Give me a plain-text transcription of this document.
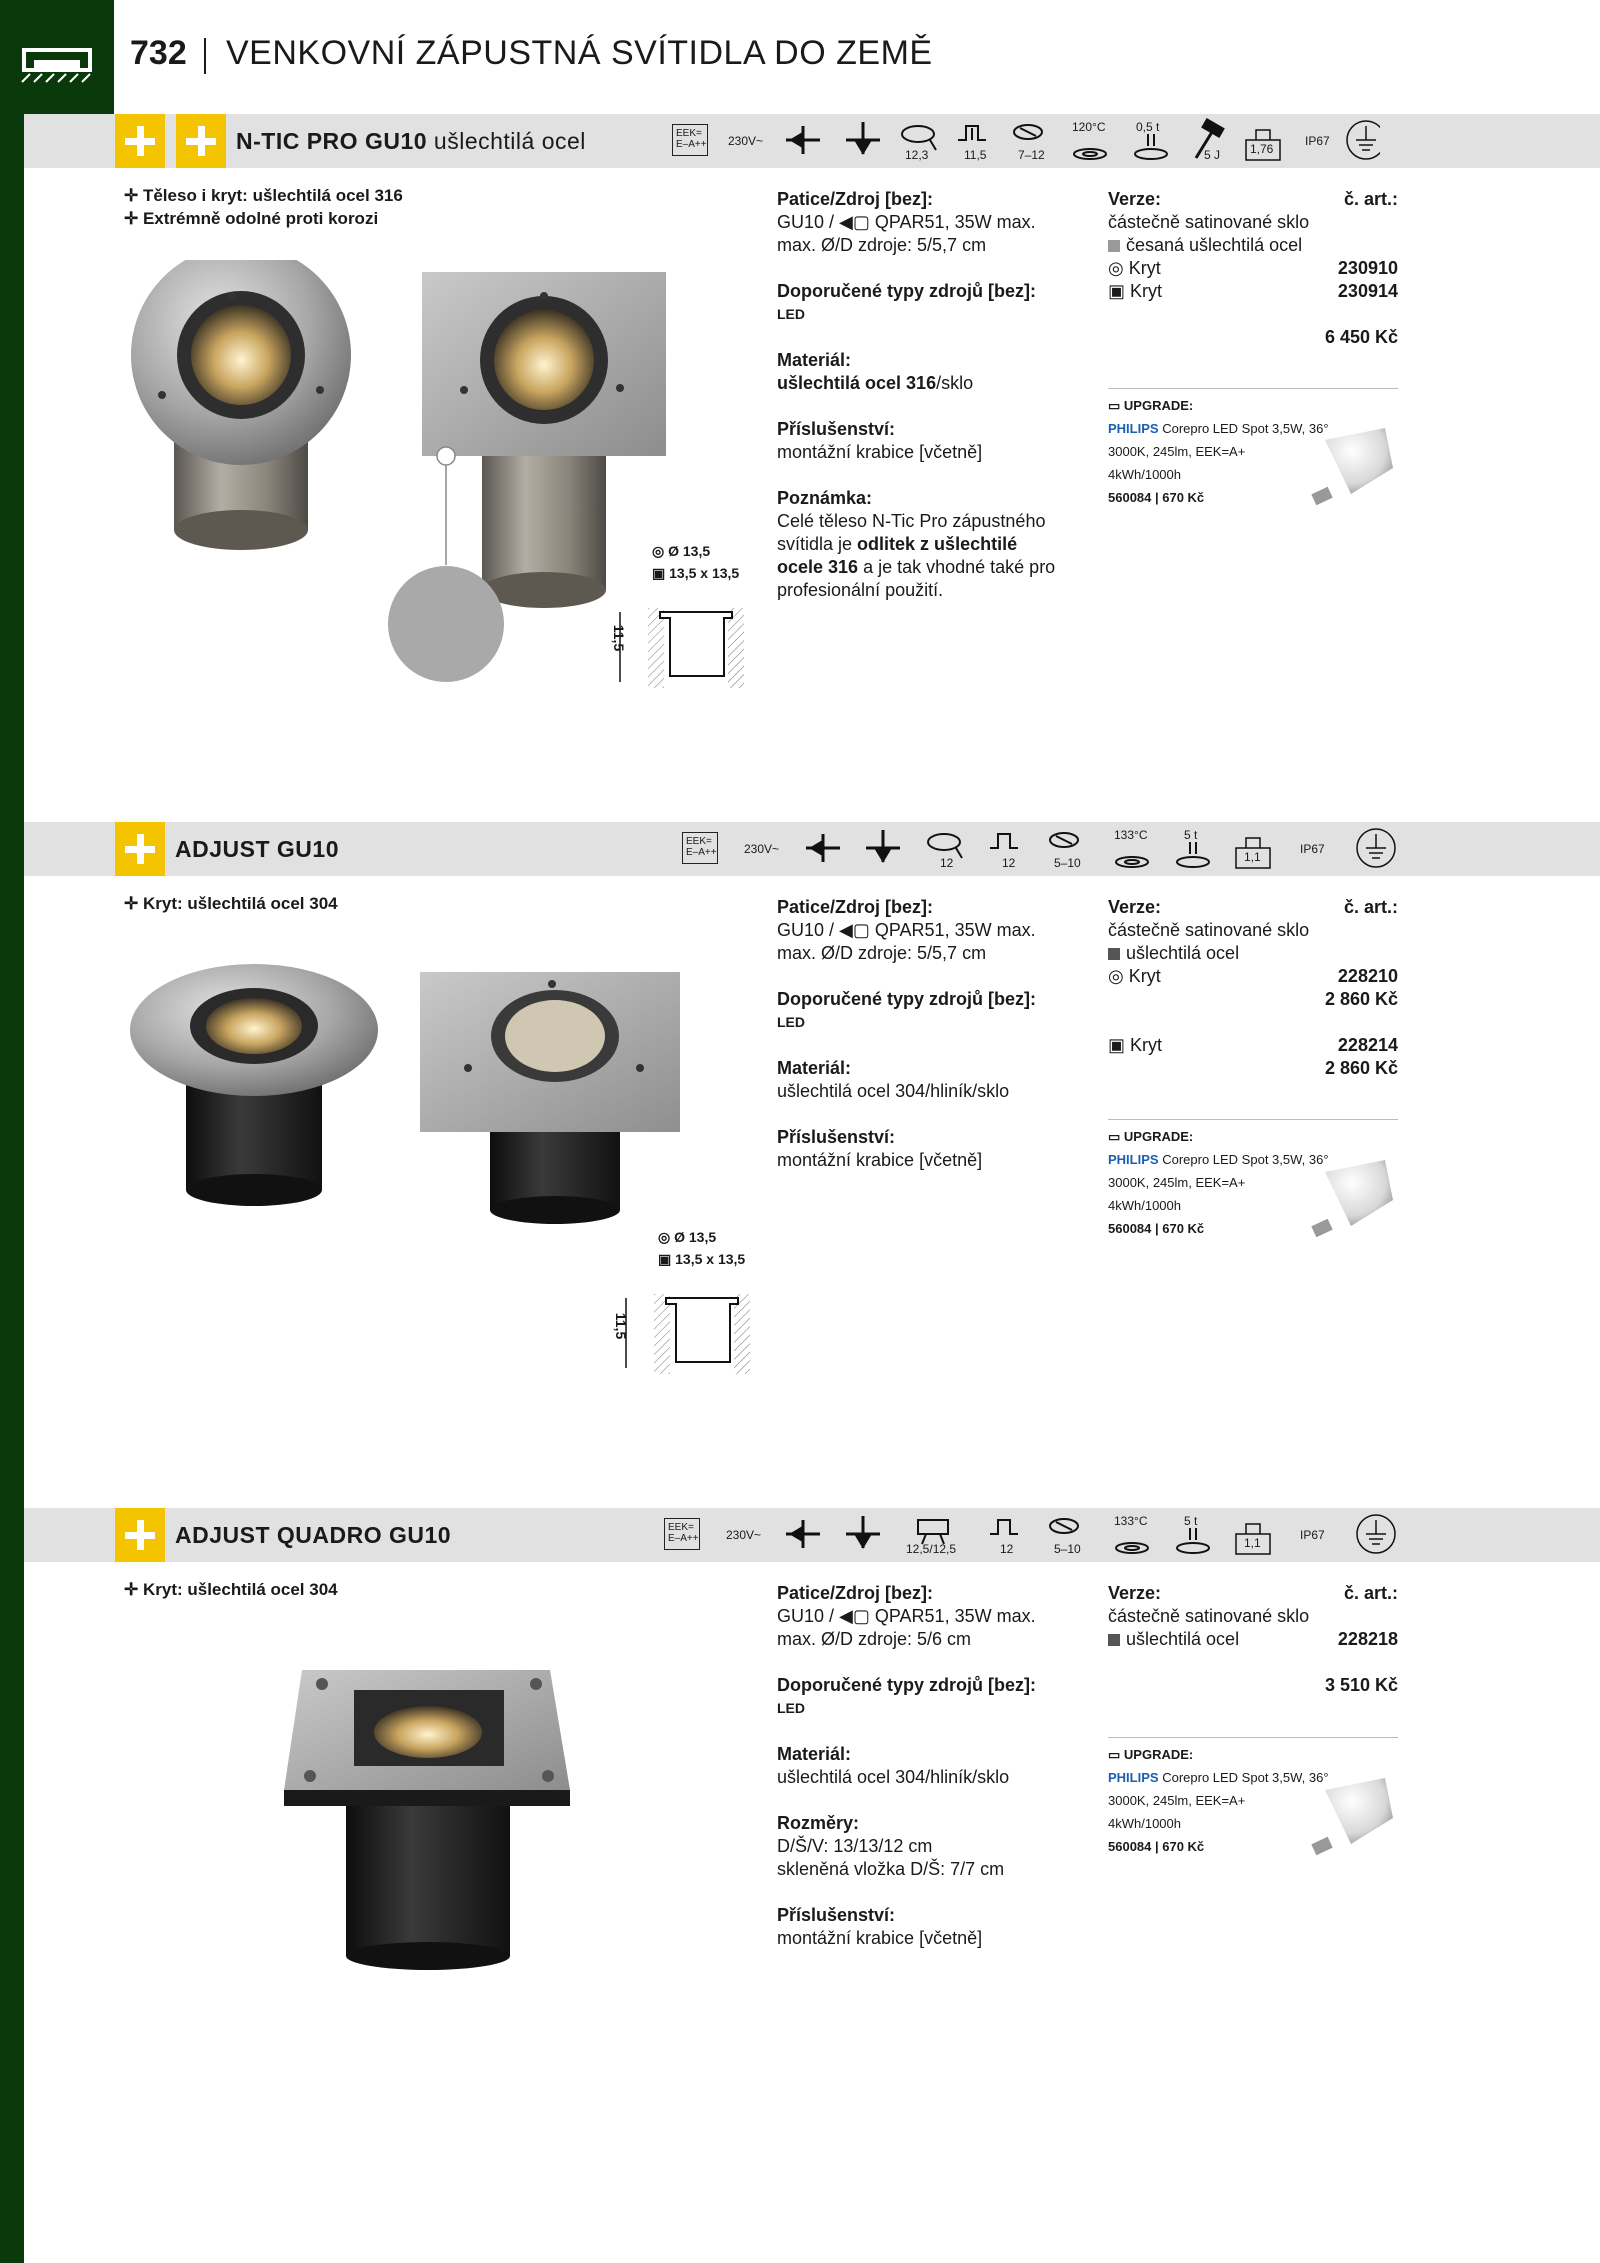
732 VENKOVNÍ ZÁPUSTNÁ SVÍTIDLA DO ZEMĚ
N-TIC PRO GU10 ušlechtilá ocel	EEK=
E–A++ 230V~
12,3	11,5	7–12
120°C	0,5 t
5 J 1,76
IP67
✛ Těleso i kryt: ušlechtilá ocel 316
✛ Extrémně odolné proti korozi
◎ Ø 13,5
▣ 13,5 x 13,5
11,5
Patice/Zdroj [bez]:
GU10 / ◀▢ QPAR51, 35W max.
max. Ø/D zdroje: 5/5,7 cm
Doporučené typy zdrojů [bez]:
LED
Materiál:
ušlechtilá ocel 316/sklo
Příslušenství:
montážní krabice [včetně]
Poznámka:
Celé těleso N-Tic Pro zápustného
svítidla je odlitek z ušlechtilé
ocele 316 a je tak vhodné také pro
profesionální použití.
Verze:	č. art.:
částečně satinované sklo
česaná ušlechtilá ocel
◎ Kryt	230910
▣ Kryt	230914
6 450 Kč
▭ UPGRADE:
PHILIPS Corepro LED Spot 3,5W, 36°
3000K, 245lm, EEK=A+
4kWh/1000h
560084 | 670 Kč
ADJUST GU10	EEK=
E–A++ 230V~
12	12	5–10
133°C	5 t
1,1
IP67
✛ Kryt: ušlechtilá ocel 304
◎ Ø 13,5
▣ 13,5 x 13,5
11,5
Patice/Zdroj [bez]:
GU10 / ◀▢ QPAR51, 35W max.
max. Ø/D zdroje: 5/5,7 cm
Doporučené typy zdrojů [bez]:
LED
Materiál:
ušlechtilá ocel 304/hliník/sklo
Příslušenství:
montážní krabice [včetně]
Verze:	č. art.:
částečně satinované sklo
ušlechtilá ocel
◎ Kryt	228210
2 860 Kč
▣ Kryt	228214
2 860 Kč
▭ UPGRADE:
PHILIPS Corepro LED Spot 3,5W, 36°
3000K, 245lm, EEK=A+
4kWh/1000h
560084 | 670 Kč
ADJUST QUADRO GU10	EEK=
E–A++ 230V~
12,5/12,5	12	5–10
133°C	5 t
1,1
IP67
✛ Kryt: ušlechtilá ocel 304	Patice/Zdroj [bez]:
GU10 / ◀▢ QPAR51, 35W max.
max. Ø/D zdroje: 5/6 cm
Doporučené typy zdrojů [bez]:
LED
Materiál:
ušlechtilá ocel 304/hliník/sklo
Rozměry:
D/Š/V: 13/13/12 cm
skleněná vložka D/Š: 7/7 cm
Příslušenství:
montážní krabice [včetně]
Verze:	č. art.:
částečně satinované sklo
ušlechtilá ocel	228218
3 510 Kč
▭ UPGRADE:
PHILIPS Corepro LED Spot 3,5W, 36°
3000K, 245lm, EEK=A+
4kWh/1000h
560084 | 670 Kč
